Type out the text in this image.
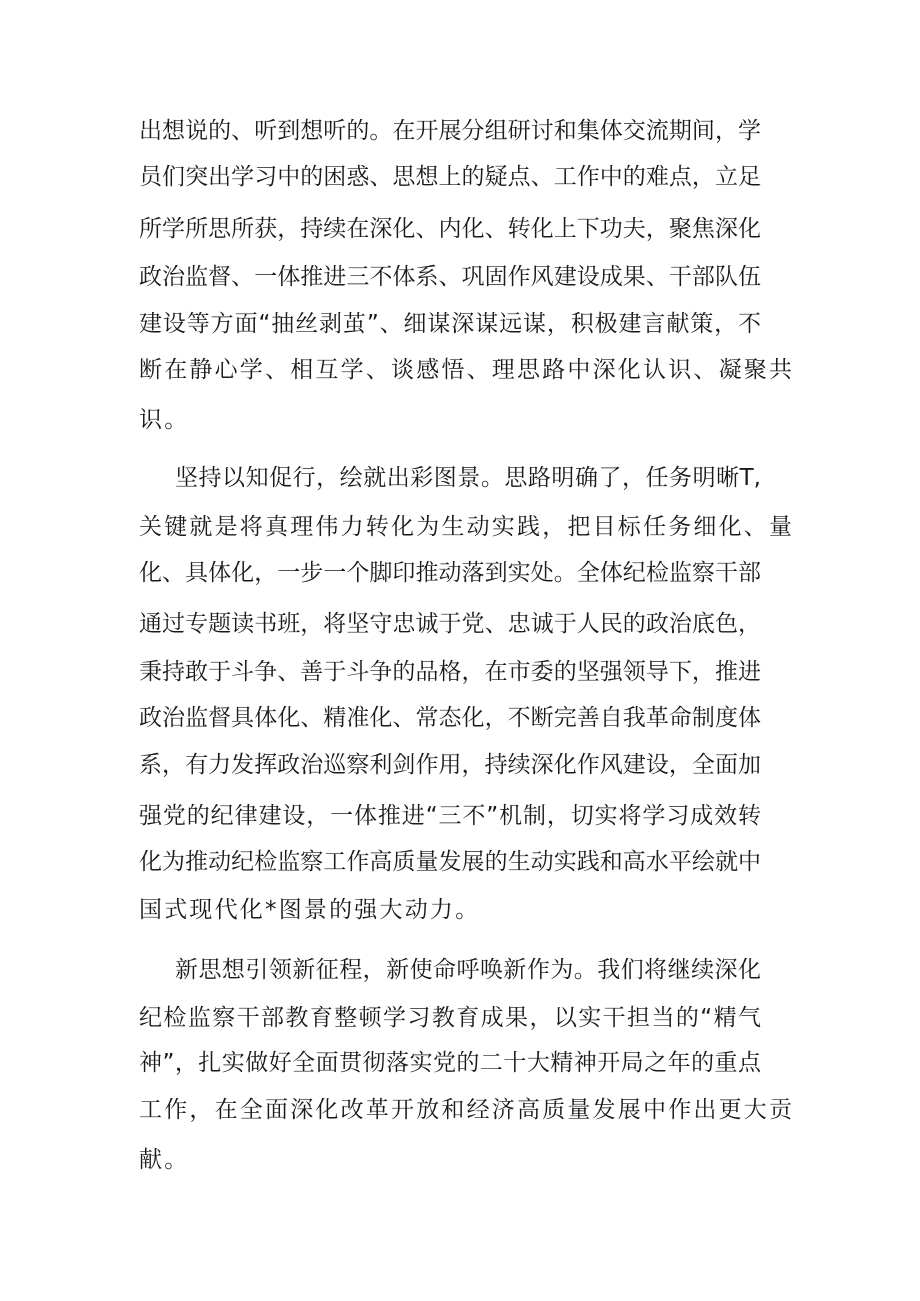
出想说的、听到想听的。在开展分组研讨和集体交流期间，学
员们突出学习中的困惑、思想上的疑点、工作中的难点，立足
所学所思所获，持续在深化、内化、转化上下功夫，聚焦深化
政治监督、一体推进三不体系、巩固作风建设成果、干部队伍
建设等方面“抽丝剥茧”、细谋深谋远谋，积极建言献策，不
断在静心学、相互学、谈感悟、理思路中深化认识、凝聚共
识。
坚持以知促行，绘就出彩图景。思路明确了，任务明晰T,
关键就是将真理伟力转化为生动实践，把目标任务细化、量
化、具体化，一步一个脚印推动落到实处。全体纪检监察干部
通过专题读书班，将坚守忠诚于党、忠诚于人民的政治底色，
秉持敢于斗争、善于斗争的品格，在市委的坚强领导下，推进
政治监督具体化、精准化、常态化，不断完善自我革命制度体
系，有力发挥政治巡察利剑作用，持续深化作风建设，全面加
强党的纪律建设，一体推进“三不”机制，切实将学习成效转
化为推动纪检监察工作高质量发展的生动实践和高水平绘就中
国式现代化*图景的强大动力。
新思想引领新征程，新使命呼唤新作为。我们将继续深化
纪检监察干部教育整顿学习教育成果，以实干担当的“精气
神”，扎实做好全面贯彻落实党的二十大精神开局之年的重点
工作，在全面深化改革开放和经济高质量发展中作出更大贡
献。
